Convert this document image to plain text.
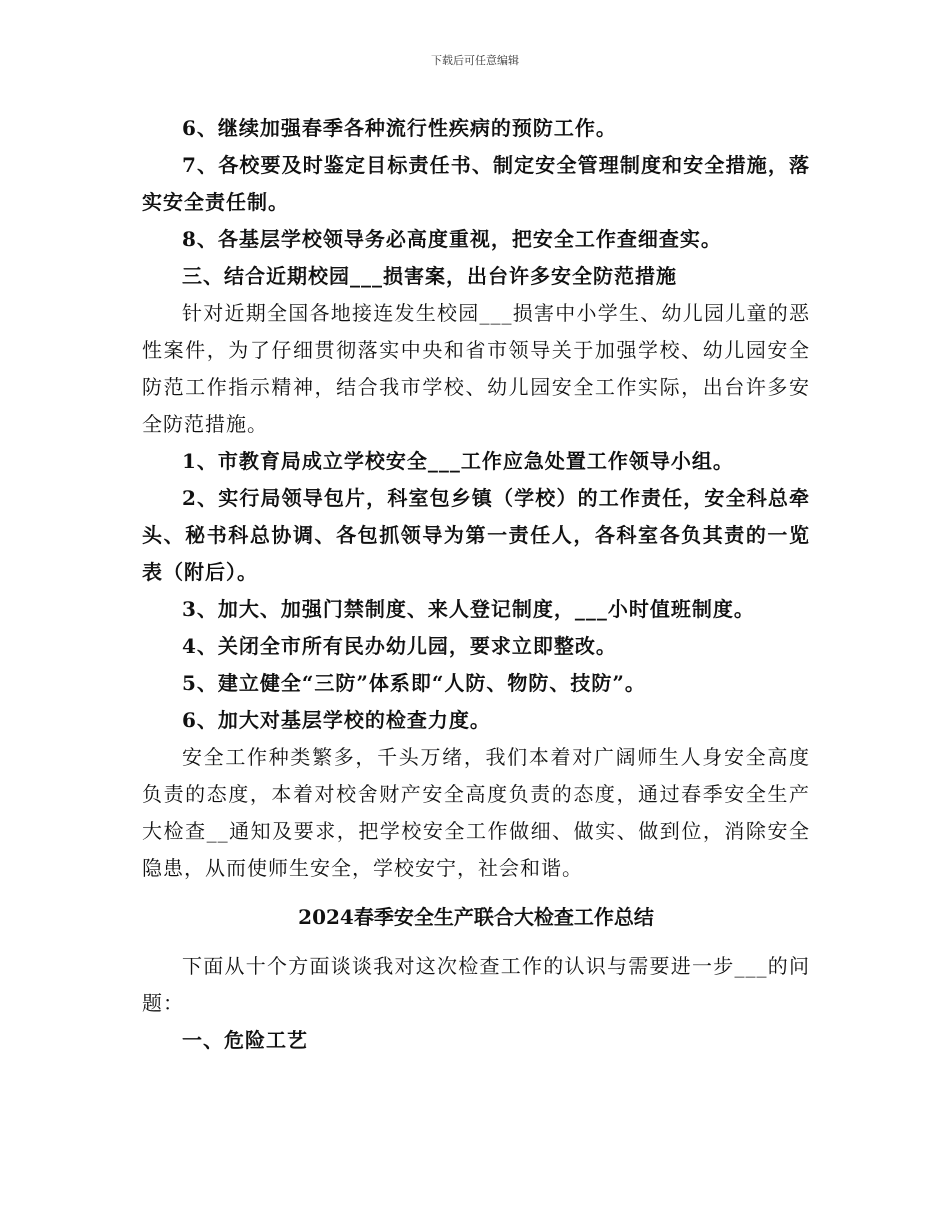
下载后可任意编辑

6、继续加强春季各种流行性疾病的预防工作。

7、各校要及时鉴定目标责任书、制定安全管理制度和安全措施，落实安全责任制。

8、各基层学校领导务必高度重视，把安全工作查细查实。

三、结合近期校园___损害案，出台许多安全防范措施

针对近期全国各地接连发生校园___损害中小学生、幼儿园儿童的恶性案件，为了仔细贯彻落实中央和省市领导关于加强学校、幼儿园安全防范工作指示精神，结合我市学校、幼儿园安全工作实际，出台许多安全防范措施。

1、市教育局成立学校安全___工作应急处置工作领导小组。

2、实行局领导包片，科室包乡镇（学校）的工作责任，安全科总牵头、秘书科总协调、各包抓领导为第一责任人，各科室各负其责的一览表（附后）。

3、加大、加强门禁制度、来人登记制度，___小时值班制度。

4、关闭全市所有民办幼儿园，要求立即整改。

5、建立健全“三防”体系即“人防、物防、技防”。

6、加大对基层学校的检查力度。

安全工作种类繁多，千头万绪，我们本着对广阔师生人身安全高度负责的态度，本着对校舍财产安全高度负责的态度，通过春季安全生产大检查__通知及要求，把学校安全工作做细、做实、做到位，消除安全隐患，从而使师生安全，学校安宁，社会和谐。

2024春季安全生产联合大检查工作总结

下面从十个方面谈谈我对这次检查工作的认识与需要进一步___的问题：

一、危险工艺
